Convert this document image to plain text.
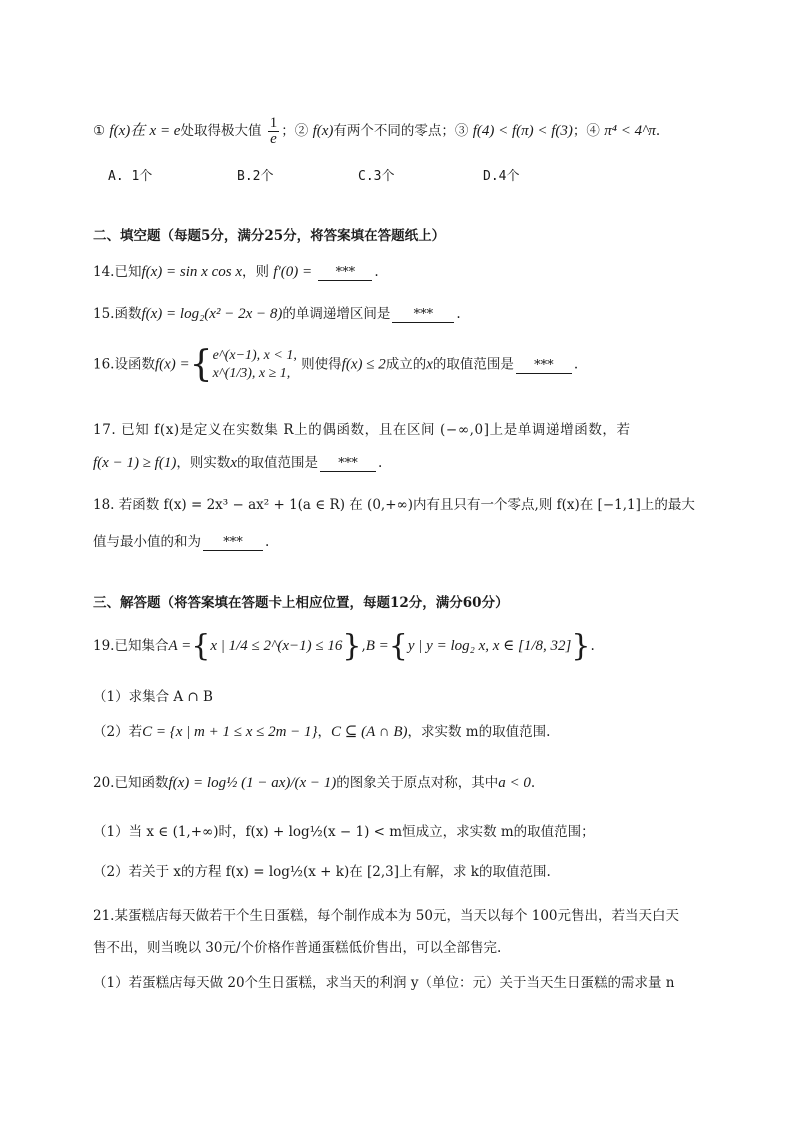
① f(x)在 x = e处取得极大值 $\frac{1}{e}$ ；② f(x)有两个不同的零点；③ f(4) < f(π) < f(3)；④ π⁴ < 4^π.
A. 1个	B.2个	C.3个	D.4个
二、填空题（每题5分，满分25分，将答案填在答题纸上）
14.已知f(x) = sin x cos x，则 f′(0) = *** .
15.函数f(x) = log₂(x² − 2x − 8)的单调递增区间是 *** .
16.设函数f(x) ={ e^(x−1), x < 1,
x^(1/3), x ≥ 1,
则使得f(x) ≤ 2成立的x的取值范围是 *** .
17. 已知 f(x)是定义在实数集 R上的偶函数，且在区间 (−∞,0]上是单调递增函数，若
f(x − 1) ≥ f(1)，则实数x的取值范围是 *** .
18. 若函数 f(x) = 2x³ − ax² + 1(a ∈ R) 在 (0,+∞)内有且只有一个零点,则 f(x)在 [−1,1]上的最大
值与最小值的和为 *** .
三、解答题（将答案填在答题卡上相应位置，每题12分，满分60分）
19.已知集合A ={x | 1/4 ≤ 2^(x−1) ≤ 16},B ={y | y = log₂ x, x ∈ [1/8, 32]}.
（1）求集合 A ∩ B
（2）若C = {x | m + 1 ≤ x ≤ 2m − 1}，C ⊆ (A ∩ B)，求实数 m的取值范围.
20.已知函数f(x) = log½ (1 − ax)/(x − 1)的图象关于原点对称，其中a < 0.
（1）当 x ∈ (1,+∞)时，f(x) + log½(x − 1) < m恒成立，求实数 m的取值范围；
（2）若关于 x的方程 f(x) = log½(x + k)在 [2,3]上有解，求 k的取值范围.
21.某蛋糕店每天做若干个生日蛋糕，每个制作成本为 50元，当天以每个 100元售出，若当天白天
售不出，则当晚以 30元/个价格作普通蛋糕低价售出，可以全部售完.
（1）若蛋糕店每天做 20个生日蛋糕，求当天的利润 y（单位：元）关于当天生日蛋糕的需求量 n
